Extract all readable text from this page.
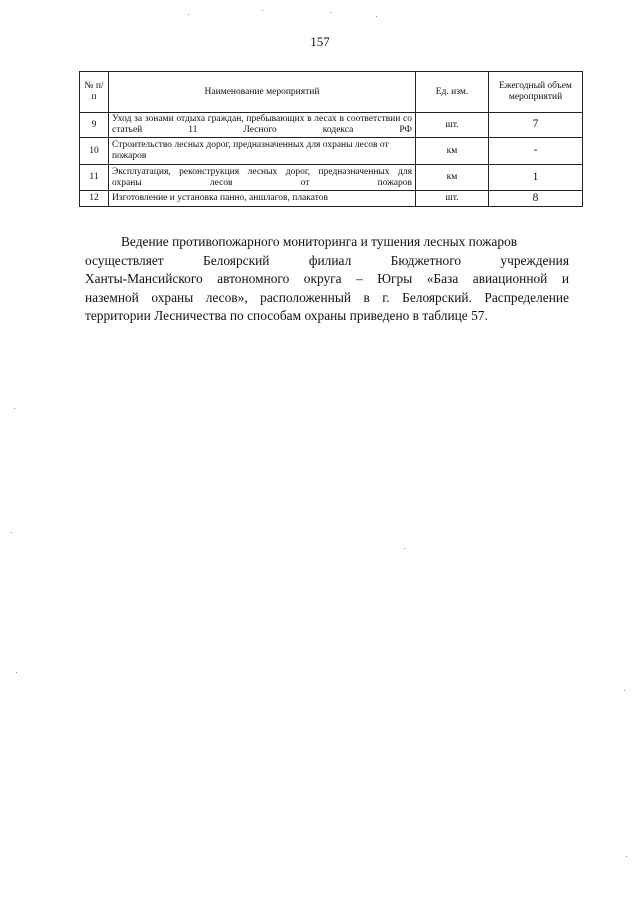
157
№ п/п	Наименование мероприятий	Ед. изм.	Ежегодный объем мероприятий
9	Уход за зонами отдыха граждан, пребывающих в лесах в соответствии со статьей 11 Лесного кодекса РФ	шт.	7
10	Строительство лесных дорог, предназначенных для охраны лесов от пожаров	км	-
11	Эксплуатация, реконструкция лесных дорог, предназначенных для охраны лесов от пожаров	км	1
12	Изготовление и установка панно, аншлагов, плакатов	шт.	8
Ведение противопожарного мониторинга и тушения лесных пожаров
осуществляет Белоярский филиал Бюджетного учреждения
Ханты-Мансийского автономного округа – Югры «База авиационной и
наземной охраны лесов», расположенный в г. Белоярский. Распределение
территории Лесничества по способам охраны приведено в таблице 57.
